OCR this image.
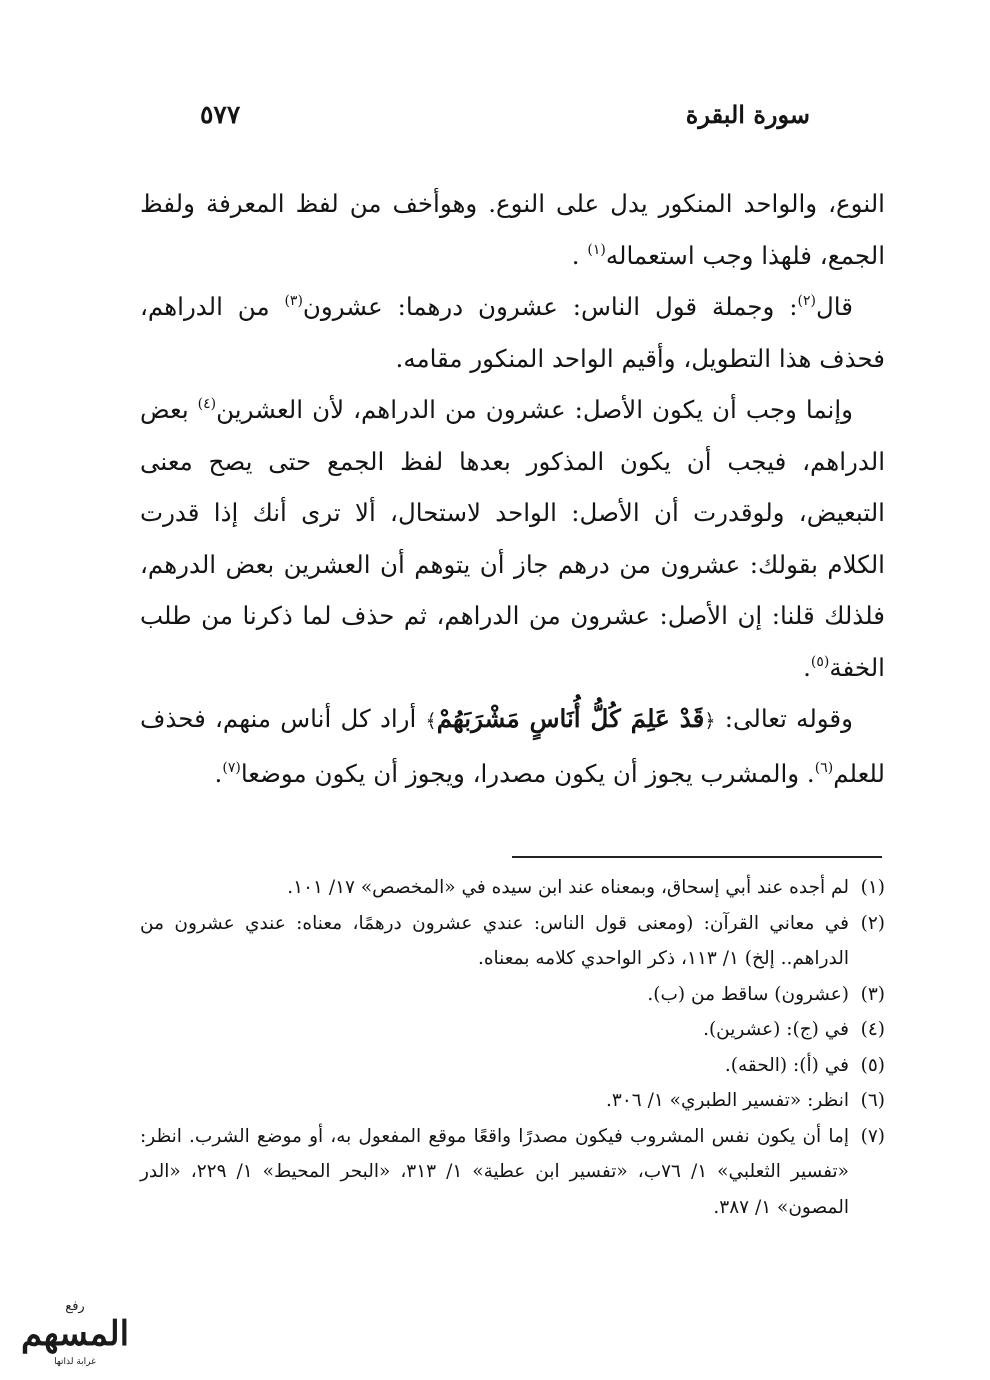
سورة البقرة
٥٧٧

النوع، والواحد المنكور يدل على النوع. وهوأخف من لفظ المعرفة ولفظ الجمع، فلهذا وجب استعماله$^{(١)}$ .

قال$^{(٢)}$: وجملة قول الناس: عشرون درهما: عشرون$^{(٣)}$ من الدراهم، فحذف هذا التطويل، وأقيم الواحد المنكور مقامه.

وإنما وجب أن يكون الأصل: عشرون من الدراهم، لأن العشرين$^{(٤)}$ بعض الدراهم، فيجب أن يكون المذكور بعدها لفظ الجمع حتى يصح معنى التبعيض، ولوقدرت أن الأصل: الواحد لاستحال، ألا ترى أنك إذا قدرت الكلام بقولك: عشرون من درهم جاز أن يتوهم أن العشرين بعض الدرهم، فلذلك قلنا: إن الأصل: عشرون من الدراهم، ثم حذف لما ذكرنا من طلب الخفة$^{(٥)}$.

وقوله تعالى: ﴿قَدْ عَلِمَ كُلُّ أُنَاسٍ مَشْرَبَهُمْ﴾ أراد كل أناس منهم، فحذف للعلم$^{(٦)}$. والمشرب يجوز أن يكون مصدرا، ويجوز أن يكون موضعا$^{(٧)}$.

(١)
لم أجده عند أبي إسحاق، وبمعناه عند ابن سيده في «المخصص» ١٧/ ١٠١.
(٢)
في معاني القرآن: (ومعنى قول الناس: عندي عشرون درهمًا، معناه: عندي عشرون من الدراهم.. إلخ) ١/ ١١٣، ذكر الواحدي كلامه بمعناه.
(٣)
(عشرون) ساقط من (ب).
(٤)
في (ج): (عشرين).
(٥)
في (أ): (الحقه).
(٦)
انظر: «تفسير الطبري» ١/ ٣٠٦.
(٧)
إما أن يكون نفس المشروب فيكون مصدرًا واقعًا موقع المفعول به، أو موضع الشرب. انظر: «تفسير الثعلبي» ١/ ٧٦ب، «تفسير ابن عطية» ١/ ٣١٣، «البحر المحيط» ١/ ٢٢٩، «الدر المصون» ١/ ٣٨٧.
رفع
المسهم
غرابة لذاتها
